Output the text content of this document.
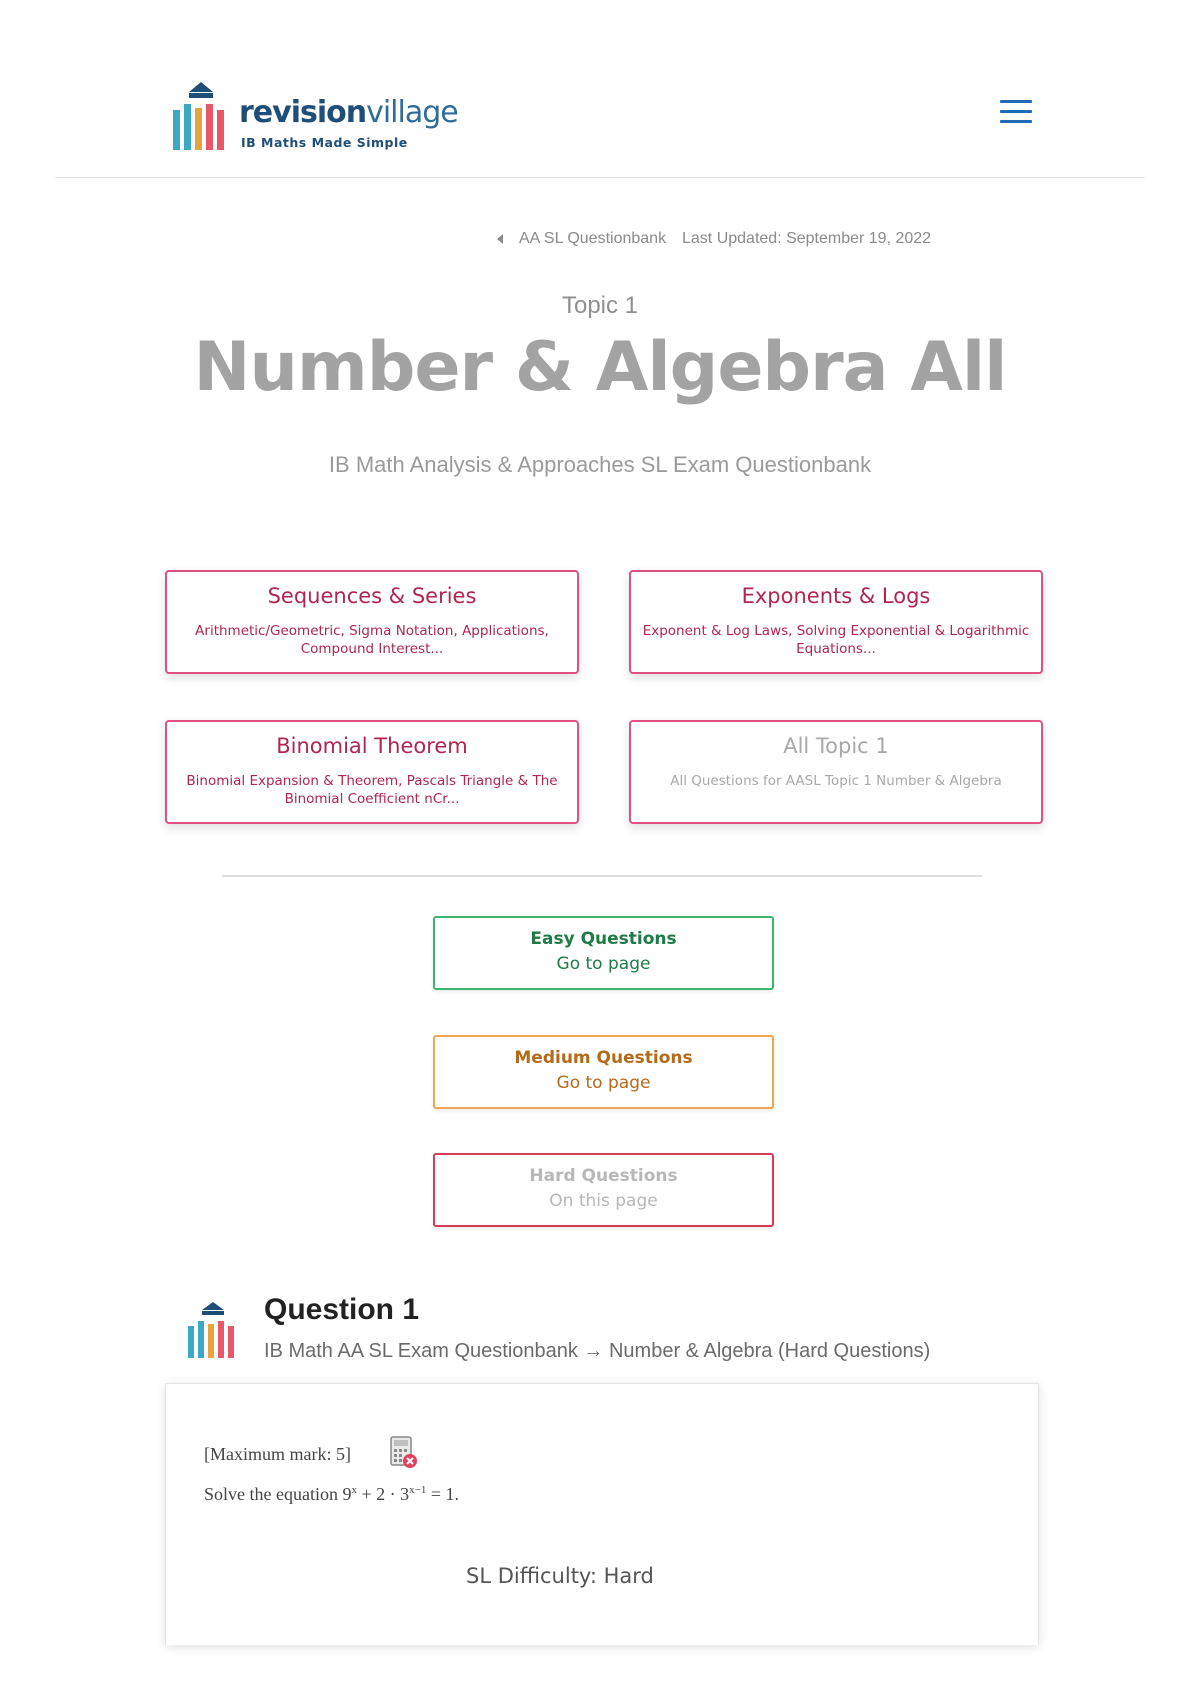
revisionvillage
IB Maths Made Simple
AA SL Questionbank Last Updated: September 19, 2022
Topic 1
Number & Algebra All
IB Math Analysis & Approaches SL Exam Questionbank
Sequences & Series
Arithmetic/Geometric, Sigma Notation, Applications, Compound Interest...
Exponents & Logs
Exponent & Log Laws, Solving Exponential & Logarithmic Equations...
Binomial Theorem
Binomial Expansion & Theorem, Pascals Triangle & The Binomial Coefficient nCr...
All Topic 1
All Questions for AASL Topic 1 Number & Algebra
Easy Questions
Go to page
Medium Questions
Go to page
Hard Questions
On this page
Question 1
IB Math AA SL Exam Questionbank → Number & Algebra (Hard Questions)
[Maximum mark: 5]
Solve the equation $9^x + 2 \cdot 3^{x-1} = 1$.
SL Difficulty: Hard
